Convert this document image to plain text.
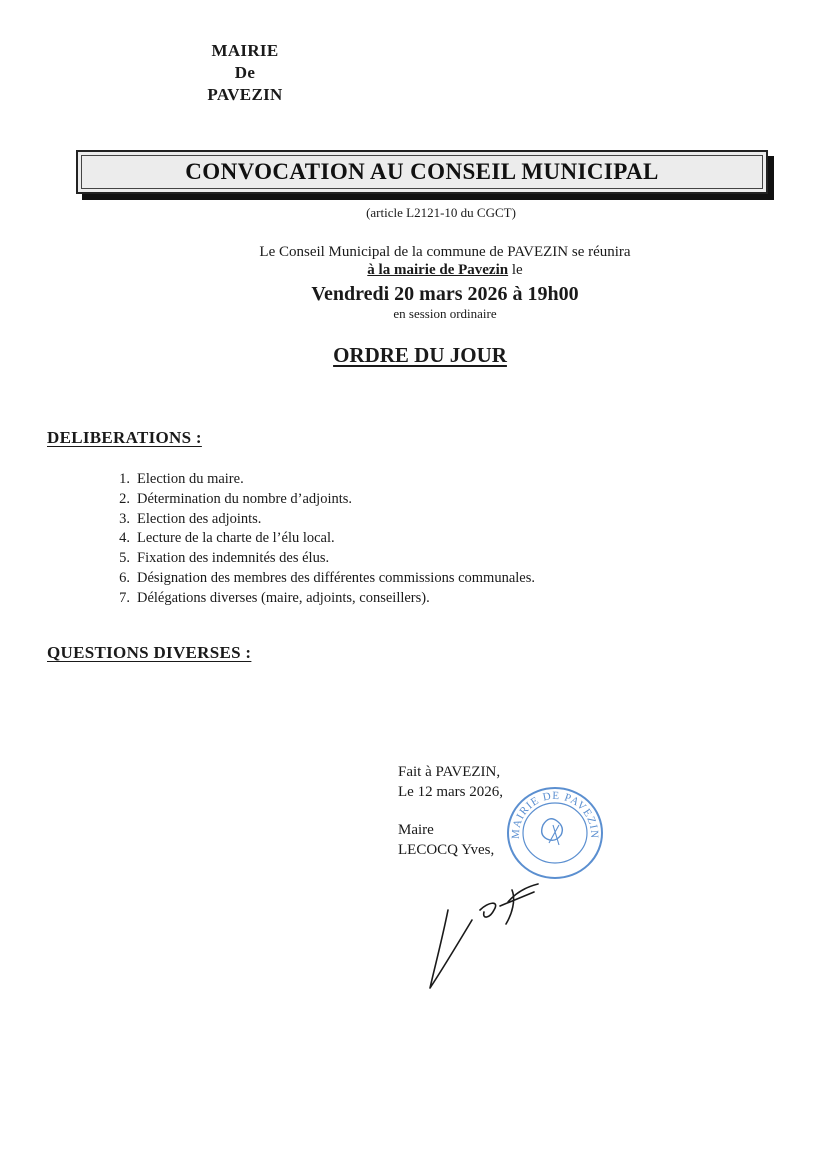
MAIRIE
De
PAVEZIN
CONVOCATION AU CONSEIL MUNICIPAL
(article L2121-10 du CGCT)
Le Conseil Municipal de la commune de PAVEZIN se réunira
à la mairie de Pavezin le
Vendredi 20 mars 2026 à 19h00
en session ordinaire
ORDRE DU JOUR
DELIBERATIONS :
1. Election du maire.
2. Détermination du nombre d’adjoints.
3. Election des adjoints.
4. Lecture de la charte de l’élu local.
5. Fixation des indemnités des élus.
6. Désignation des membres des différentes commissions communales.
7. Délégations diverses (maire, adjoints, conseillers).
QUESTIONS DIVERSES :
Fait à PAVEZIN,
Le 12 mars 2026,
Maire
LECOCQ Yves,
MAIRIE DE PAVEZIN
